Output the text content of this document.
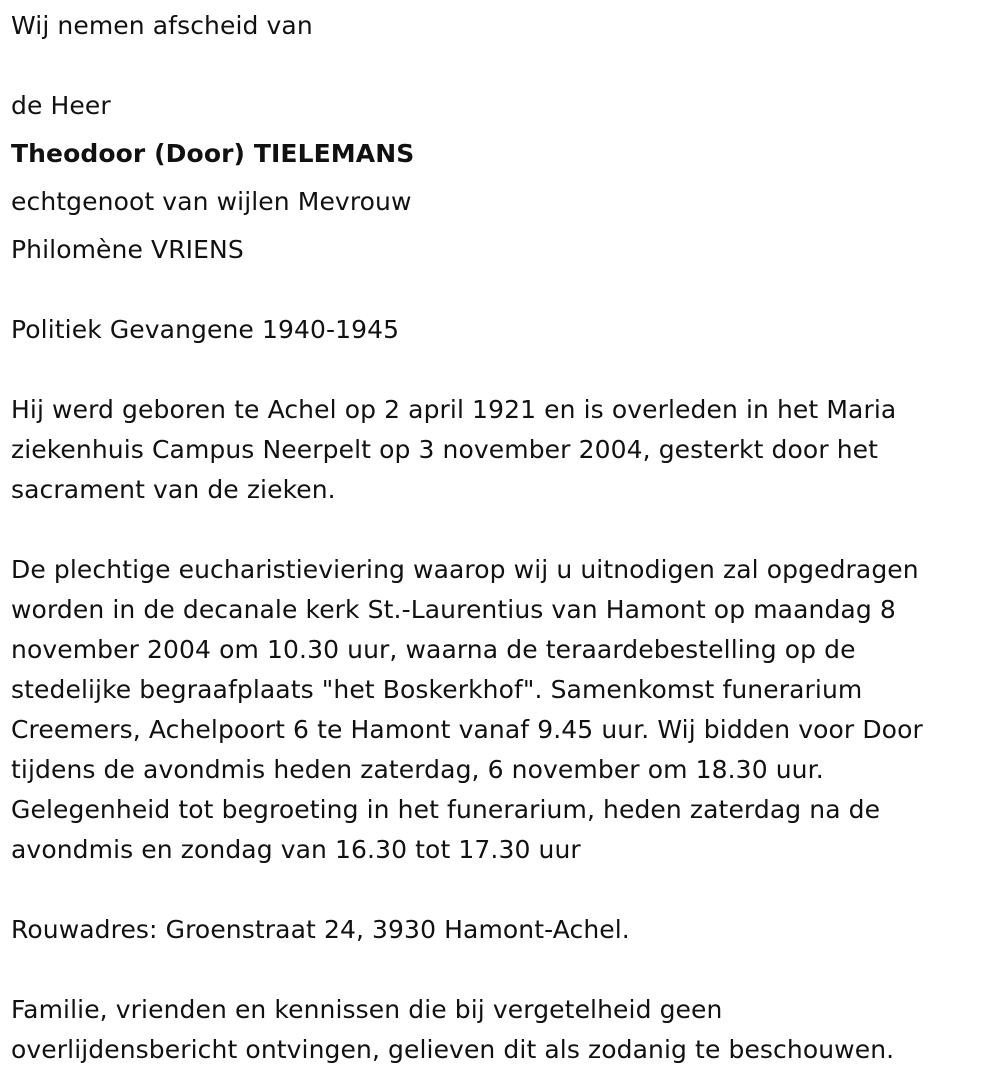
Wij nemen afscheid van
de Heer
Theodoor (Door) TIELEMANS
echtgenoot van wijlen Mevrouw
Philomène VRIENS
Politiek Gevangene 1940-1945
Hij werd geboren te Achel op 2 april 1921 en is overleden in het Maria
ziekenhuis Campus Neerpelt op 3 november 2004, gesterkt door het
sacrament van de zieken.
De plechtige eucharistieviering waarop wij u uitnodigen zal opgedragen
worden in de decanale kerk St.-Laurentius van Hamont op maandag 8
november 2004 om 10.30 uur, waarna de teraardebestelling op de
stedelijke begraafplaats "het Boskerkhof". Samenkomst funerarium
Creemers, Achelpoort 6 te Hamont vanaf 9.45 uur. Wij bidden voor Door
tijdens de avondmis heden zaterdag, 6 november om 18.30 uur.
Gelegenheid tot begroeting in het funerarium, heden zaterdag na de
avondmis en zondag van 16.30 tot 17.30 uur
Rouwadres: Groenstraat 24, 3930 Hamont-Achel.
Familie, vrienden en kennissen die bij vergetelheid geen
overlijdensbericht ontvingen, gelieven dit als zodanig te beschouwen.
